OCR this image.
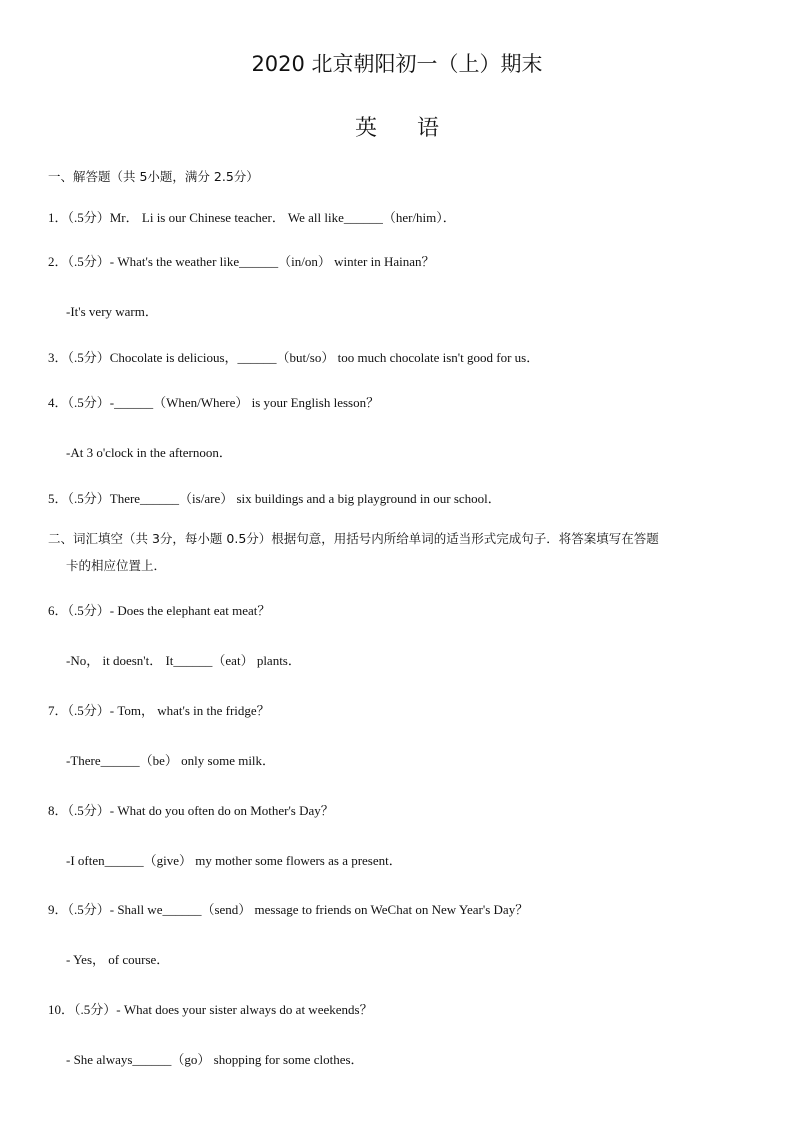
2020 北京朝阳初一（上）期末
英语
一、解答题（共 5小题，满分 2.5分）
1．（.5分）Mr． Li is our Chinese teacher． We all like______（her/him）．
2．（.5分）- What's the weather like______（in/on） winter in Hainan？
-It's very warm．
3．（.5分）Chocolate is delicious，______（but/so） too much chocolate isn't good for us．
4．（.5分）-______（When/Where） is your English lesson？
-At 3 o'clock in the afternoon．
5．（.5分）There______（is/are） six buildings and a big playground in our school．
二、词汇填空（共 3分，每小题 0.5分）根据句意，用括号内所给单词的适当形式完成句子．将答案填写在答题
卡的相应位置上．
6．（.5分）- Does the elephant eat meat？
-No， it doesn't． It______（eat） plants．
7．（.5分）- Tom， what's in the fridge？
-There______（be） only some milk．
8．（.5分）- What do you often do on Mother's Day？
-I often______（give） my mother some flowers as a present．
9．（.5分）- Shall we______（send） message to friends on WeChat on New Year's Day？
- Yes， of course．
10．（.5分）- What does your sister always do at weekends？
- She always______（go） shopping for some clothes．
